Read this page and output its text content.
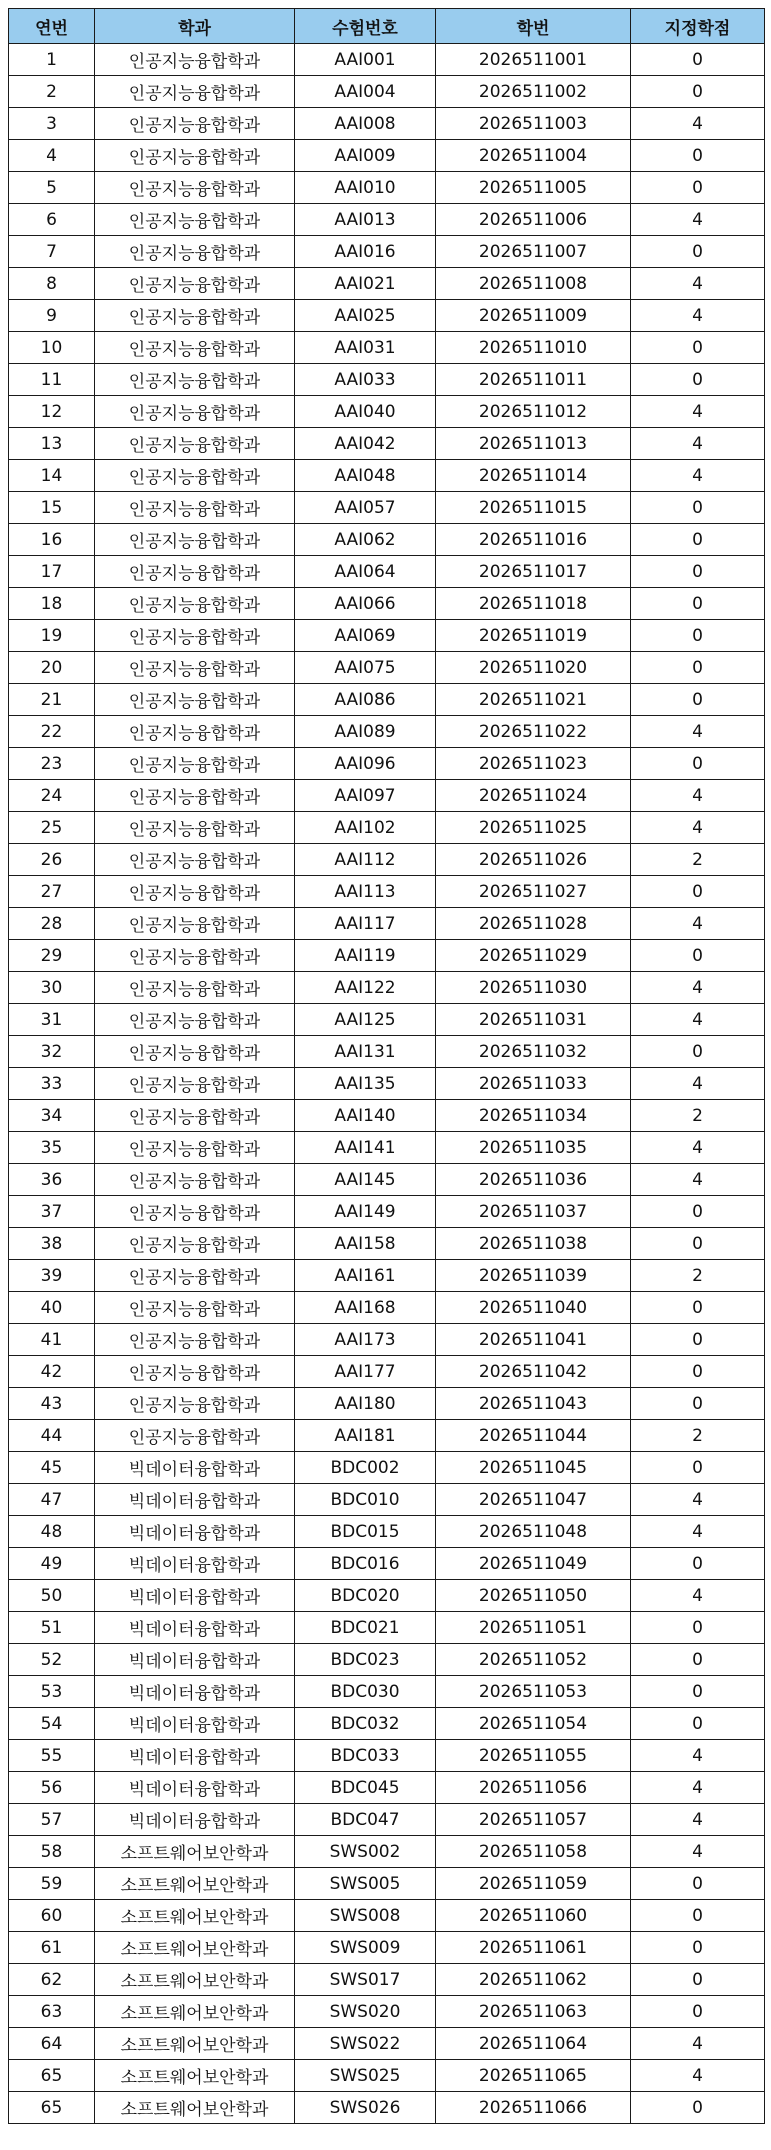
연번	학과	수험번호	학번	지정학점
1	인공지능융합학과	AAI001	2026511001	0
2	인공지능융합학과	AAI004	2026511002	0
3	인공지능융합학과	AAI008	2026511003	4
4	인공지능융합학과	AAI009	2026511004	0
5	인공지능융합학과	AAI010	2026511005	0
6	인공지능융합학과	AAI013	2026511006	4
7	인공지능융합학과	AAI016	2026511007	0
8	인공지능융합학과	AAI021	2026511008	4
9	인공지능융합학과	AAI025	2026511009	4
10	인공지능융합학과	AAI031	2026511010	0
11	인공지능융합학과	AAI033	2026511011	0
12	인공지능융합학과	AAI040	2026511012	4
13	인공지능융합학과	AAI042	2026511013	4
14	인공지능융합학과	AAI048	2026511014	4
15	인공지능융합학과	AAI057	2026511015	0
16	인공지능융합학과	AAI062	2026511016	0
17	인공지능융합학과	AAI064	2026511017	0
18	인공지능융합학과	AAI066	2026511018	0
19	인공지능융합학과	AAI069	2026511019	0
20	인공지능융합학과	AAI075	2026511020	0
21	인공지능융합학과	AAI086	2026511021	0
22	인공지능융합학과	AAI089	2026511022	4
23	인공지능융합학과	AAI096	2026511023	0
24	인공지능융합학과	AAI097	2026511024	4
25	인공지능융합학과	AAI102	2026511025	4
26	인공지능융합학과	AAI112	2026511026	2
27	인공지능융합학과	AAI113	2026511027	0
28	인공지능융합학과	AAI117	2026511028	4
29	인공지능융합학과	AAI119	2026511029	0
30	인공지능융합학과	AAI122	2026511030	4
31	인공지능융합학과	AAI125	2026511031	4
32	인공지능융합학과	AAI131	2026511032	0
33	인공지능융합학과	AAI135	2026511033	4
34	인공지능융합학과	AAI140	2026511034	2
35	인공지능융합학과	AAI141	2026511035	4
36	인공지능융합학과	AAI145	2026511036	4
37	인공지능융합학과	AAI149	2026511037	0
38	인공지능융합학과	AAI158	2026511038	0
39	인공지능융합학과	AAI161	2026511039	2
40	인공지능융합학과	AAI168	2026511040	0
41	인공지능융합학과	AAI173	2026511041	0
42	인공지능융합학과	AAI177	2026511042	0
43	인공지능융합학과	AAI180	2026511043	0
44	인공지능융합학과	AAI181	2026511044	2
45	빅데이터융합학과	BDC002	2026511045	0
47	빅데이터융합학과	BDC010	2026511047	4
48	빅데이터융합학과	BDC015	2026511048	4
49	빅데이터융합학과	BDC016	2026511049	0
50	빅데이터융합학과	BDC020	2026511050	4
51	빅데이터융합학과	BDC021	2026511051	0
52	빅데이터융합학과	BDC023	2026511052	0
53	빅데이터융합학과	BDC030	2026511053	0
54	빅데이터융합학과	BDC032	2026511054	0
55	빅데이터융합학과	BDC033	2026511055	4
56	빅데이터융합학과	BDC045	2026511056	4
57	빅데이터융합학과	BDC047	2026511057	4
58	소프트웨어보안학과	SWS002	2026511058	4
59	소프트웨어보안학과	SWS005	2026511059	0
60	소프트웨어보안학과	SWS008	2026511060	0
61	소프트웨어보안학과	SWS009	2026511061	0
62	소프트웨어보안학과	SWS017	2026511062	0
63	소프트웨어보안학과	SWS020	2026511063	0
64	소프트웨어보안학과	SWS022	2026511064	4
65	소프트웨어보안학과	SWS025	2026511065	4
65	소프트웨어보안학과	SWS026	2026511066	0
